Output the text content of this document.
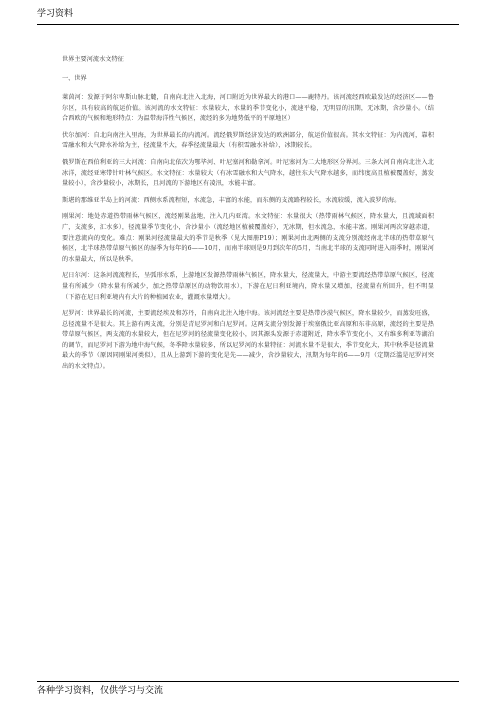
学习资料

世界主要河流水文特征

一、世界

莱茵河：发源于阿尔卑斯山脉北麓，自南向北注入北海，河口附近为世界最大的港口——鹿特丹。该河流经西欧最发达的经济区——鲁尔区，具有较高的航运价值。该河流的水文特征：水量较大，水量的季节变化小，流速平稳，无明显的汛期，无冰期，含沙量小。（结合西欧的气候和地形特点：为温带海洋性气候区，流经的多为地势低平的平原地区）

伏尔加河：自北向南注入里海，为世界最长的内流河。流经俄罗斯经济发达的欧洲部分，航运价值很高。其水文特征：为内流河，靠积雪融水和大气降水补给为主，径流量不大，春季径流量最大（有积雪融水补给），冰期较长。

俄罗斯在西伯利亚的三大河流：自南向北依次为鄂毕河、叶尼塞河和勒拿河。叶尼塞河为二大地形区分界河。三条大河自南向北注入北冰洋，流经亚寒带针叶林气候区。水文特征：水量较大（有冰雪融水和大气降水，越往东大气降水越多，而纬度高且植被覆盖好，蒸发量较小），含沙量较小，冰期长，且河流的下游地区有凌汛，水能丰富。

斯堪的那维亚半岛上的河流：西侧水系流程短，水流急，丰富的水能，而东侧的支流路程较长，水流较缓，流入波罗的海。

刚果河：地处赤道热带雨林气候区，流经刚果盆地，注入几内亚湾。水文特征：水量很大（热带雨林气候区，降水量大，且流域面积广，支流多，汇水多），径流量季节变化小，含沙量小（流经地区植被覆盖好），无冰期，但水流急，水能丰富。刚果河两次穿越赤道，要注意流向的变化。难点：刚果河径流量最大的季节是秋季（见大图册P19）；刚果河由北两侧的支流分别流经南北半球的热带草原气候区，北半球热带草原气候区的湿季为每年的6——10月，而南半球则是9月到次年的5月，当南北半球的支流同时进入雨季时，刚果河的水量最大，所以是秋季。

尼日尔河：这条河流流程长，呈弧形水系，上游地区发源热带雨林气候区，降水量大，径流量大，中游主要流经热带草原气候区，径流量有所减少（降水量有所减少，加之热带草原区的动物饮用水），下游在尼日利亚境内，降水量又增加，径流量有所回升，但不明显（下游在尼日利亚境内有大片的种植园农业，灌溉水量增大）。

尼罗河：世界最长的河流，主要流经埃及和苏丹，自南向北注入地中海。该河流经主要是热带沙漠气候区，降水量较少，而蒸发旺盛，总径流量不是很大。其上游有两支流，分别是青尼罗河和白尼罗河。这两支流分别发源于埃塞俄比亚高原和东非高原，流经的主要是热带草原气候区，两支流的水量较大，但在尼罗河的径流量变化较小，因其源头发源于赤道附近，降水季节变化小，又有维多利亚等湖泊的调节，而尼罗河下游为地中海气候，冬季降水量较多，所以尼罗河的水量特征：河流水量不是很大，季节变化大，其中秋季是径流量最大的季节（原因同刚果河类似），且从上游到下游的变化是先——减少，含沙量较大，汛期为每年的6——9月（定期泛滥是尼罗河突出的水文特点）。

各种学习资料，仅供学习与交流
